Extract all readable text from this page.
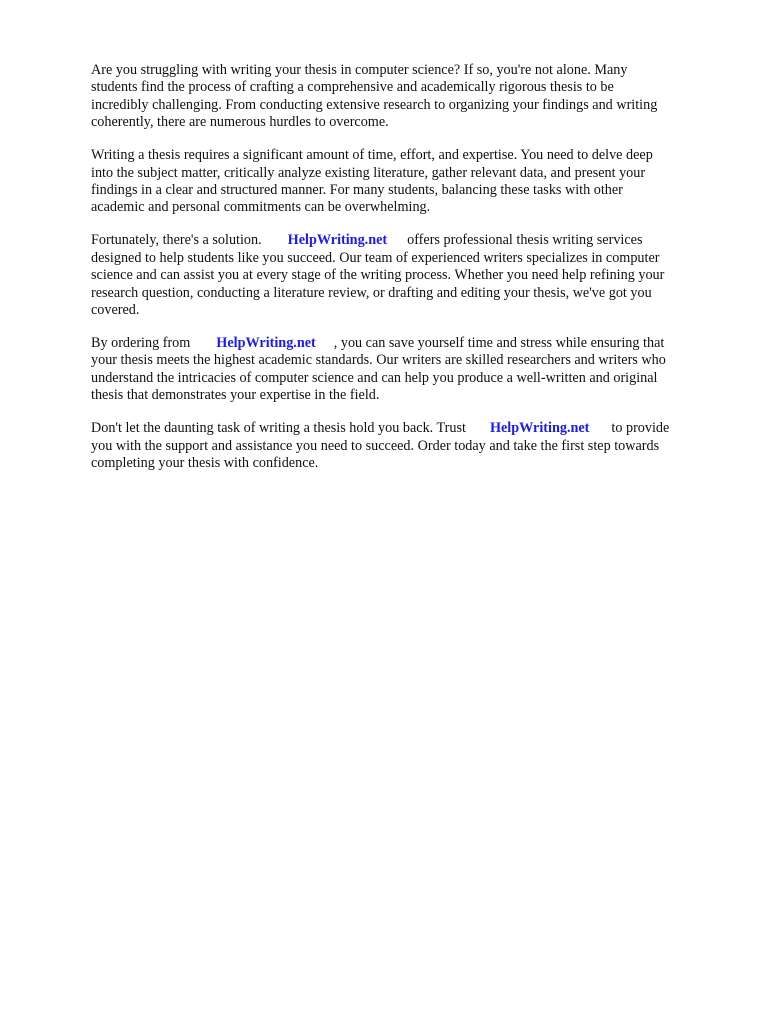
Are you struggling with writing your thesis in computer science? If so, you're not alone. Many
students find the process of crafting a comprehensive and academically rigorous thesis to be
incredibly challenging. From conducting extensive research to organizing your findings and writing
coherently, there are numerous hurdles to overcome.

Writing a thesis requires a significant amount of time, effort, and expertise. You need to delve deep
into the subject matter, critically analyze existing literature, gather relevant data, and present your
findings in a clear and structured manner. For many students, balancing these tasks with other
academic and personal commitments can be overwhelming.

Fortunately, there's a solution. HelpWriting.net offers professional thesis writing services
designed to help students like you succeed. Our team of experienced writers specializes in computer
science and can assist you at every stage of the writing process. Whether you need help refining your
research question, conducting a literature review, or drafting and editing your thesis, we've got you
covered.

By ordering from HelpWriting.net , you can save yourself time and stress while ensuring that
your thesis meets the highest academic standards. Our writers are skilled researchers and writers who
understand the intricacies of computer science and can help you produce a well-written and original
thesis that demonstrates your expertise in the field.

Don't let the daunting task of writing a thesis hold you back. Trust HelpWriting.net to provide
you with the support and assistance you need to succeed. Order today and take the first step towards
completing your thesis with confidence.
